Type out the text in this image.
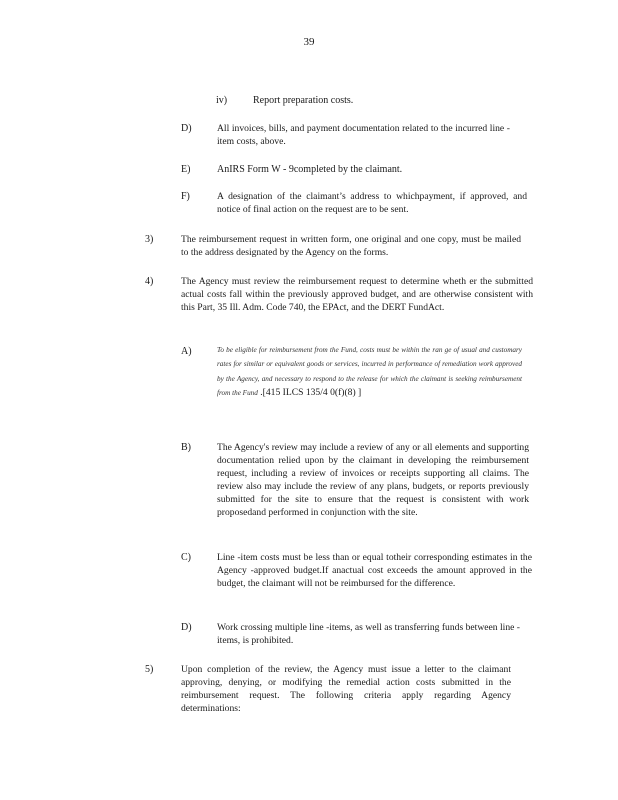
39
iv)	Report preparation costs.
D)	All invoices, bills, and payment documentation related to the incurred line -item costs, above.
E)	AnIRS Form W - 9completed by the claimant.
F)	A designation of the claimant’s address to whichpayment, if approved, and notice of final action on the request are to be sent.
3)	The reimbursement request in written form, one original and one copy, must be mailed to the address designated by the Agency on the forms.
4)	The Agency must review the reimbursement request to determine wheth er the submitted actual costs fall within the previously approved budget, and are otherwise consistent with this Part, 35 Ill. Adm. Code 740, the EPAct, and the DERT FundAct.
A)	To be eligible for reimbursement from the Fund, costs must be within the ran ge of usual and customary rates for similar or equivalent goods or services, incurred in performance of remediation work approved by the Agency, and necessary to respond to the release for which the claimant is seeking reimbursement from the Fund .[415 ILCS 135/4 0(f)(8) ]
B)	The Agency's review may include a review of any or all elements and supporting documentation relied upon by the claimant in developing the reimbursement request, including a review of invoices or receipts supporting all claims. The review also may include the review of any plans, budgets, or reports previously submitted for the site to ensure that the request is consistent with work proposedand performed in conjunction with the site.
C)	Line -item costs must be less than or equal totheir corresponding estimates in the Agency -approved budget.If anactual cost exceeds the amount approved in the budget, the claimant will not be reimbursed for the difference.
D)	Work crossing multiple line -items, as well as transferring funds between line - items, is prohibited.
5)	Upon completion of the review, the Agency must issue a letter to the claimant approving, denying, or modifying the remedial action costs submitted in the reimbursement request. The following criteria apply regarding Agency determinations:
